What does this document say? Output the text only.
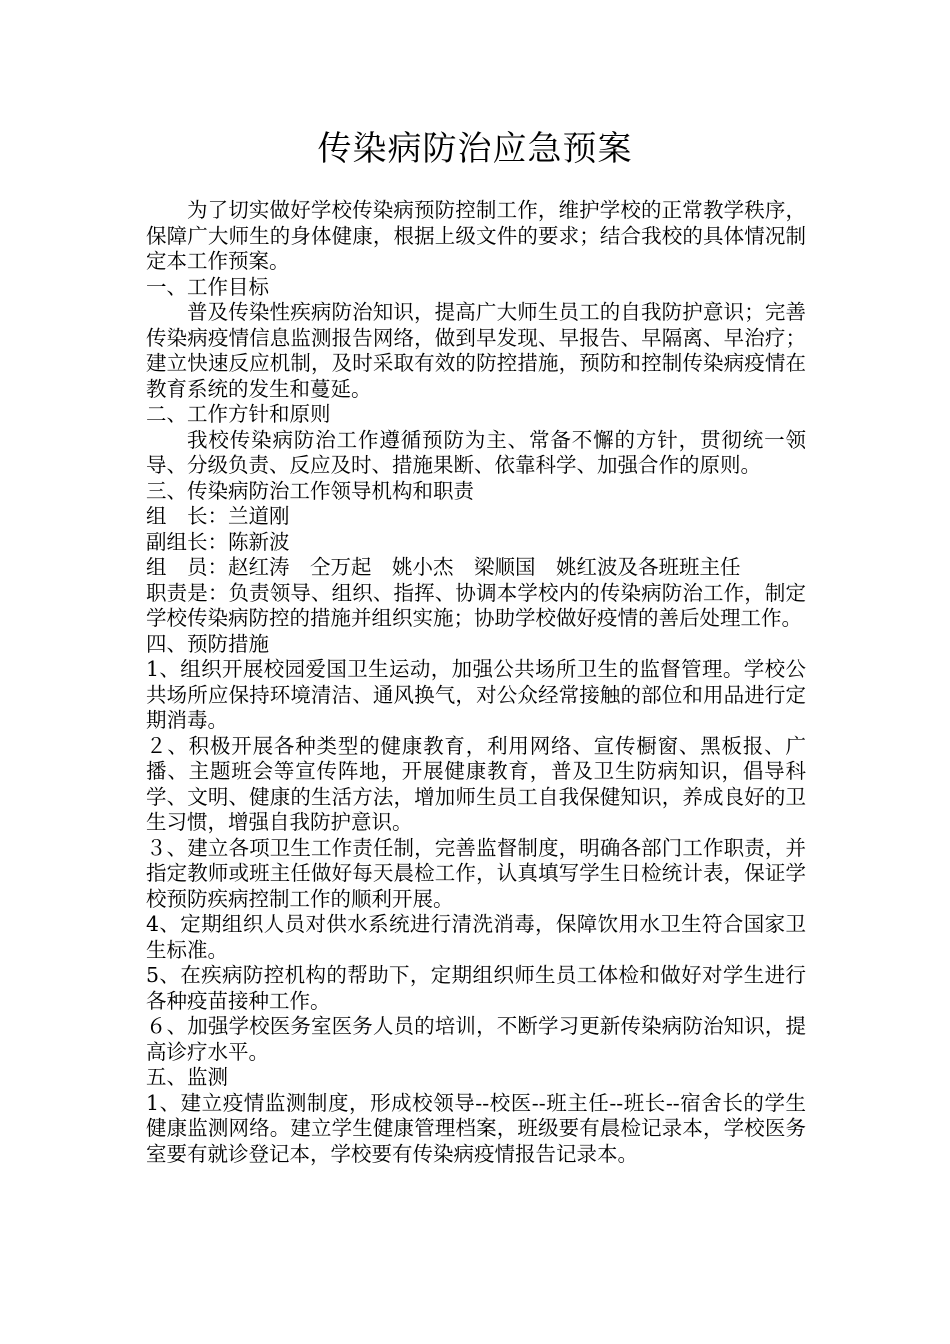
传染病防治应急预案

为了切实做好学校传染病预防控制工作，维护学校的正常教学秩序，保障广大师生的身体健康，根据上级文件的要求；结合我校的具体情况制定本工作预案。

一、工作目标

普及传染性疾病防治知识，提高广大师生员工的自我防护意识；完善传染病疫情信息监测报告网络，做到早发现、早报告、早隔离、早治疗；建立快速反应机制，及时采取有效的防控措施，预防和控制传染病疫情在教育系统的发生和蔓延。

二、工作方针和原则

我校传染病防治工作遵循预防为主、常备不懈的方针，贯彻统一领导、分级负责、反应及时、措施果断、依靠科学、加强合作的原则。

三、传染病防治工作领导机构和职责

组　长：兰道刚

副组长：陈新波

组　员：赵红涛　仝万起　姚小杰　梁顺国　姚红波及各班班主任

职责是：负责领导、组织、指挥、协调本学校内的传染病防治工作，制定学校传染病防控的措施并组织实施；协助学校做好疫情的善后处理工作。

四、预防措施

1、组织开展校园爱国卫生运动，加强公共场所卫生的监督管理。学校公共场所应保持环境清洁、通风换气，对公众经常接触的部位和用品进行定期消毒。

２、积极开展各种类型的健康教育，利用网络、宣传橱窗、黑板报、广播、主题班会等宣传阵地，开展健康教育，普及卫生防病知识，倡导科学、文明、健康的生活方法，增加师生员工自我保健知识，养成良好的卫生习惯，增强自我防护意识。

３、建立各项卫生工作责任制，完善监督制度，明确各部门工作职责，并指定教师或班主任做好每天晨检工作，认真填写学生日检统计表，保证学校预防疾病控制工作的顺利开展。

4、定期组织人员对供水系统进行清洗消毒，保障饮用水卫生符合国家卫生标准。

5、在疾病防控机构的帮助下，定期组织师生员工体检和做好对学生进行各种疫苗接种工作。

６、加强学校医务室医务人员的培训，不断学习更新传染病防治知识，提高诊疗水平。

五、监测

1、建立疫情监测制度，形成校领导--校医--班主任--班长--宿舍长的学生健康监测网络。建立学生健康管理档案，班级要有晨检记录本，学校医务室要有就诊登记本，学校要有传染病疫情报告记录本。
